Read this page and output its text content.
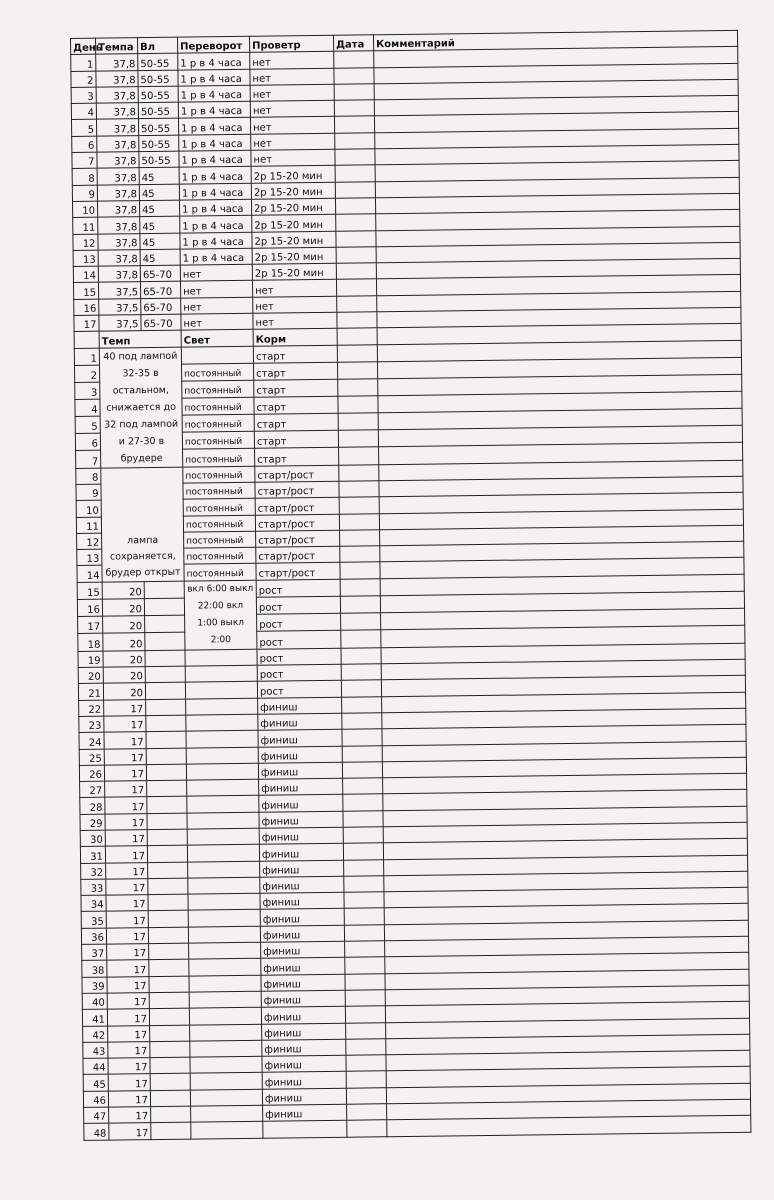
День	Темпа	Вл	Переворот	Проветр	Дата	Комментарий
1	37,8	50-55	1 р в 4 часа	нет		
2	37,8	50-55	1 р в 4 часа	нет		
3	37,8	50-55	1 р в 4 часа	нет		
4	37,8	50-55	1 р в 4 часа	нет		
5	37,8	50-55	1 р в 4 часа	нет		
6	37,8	50-55	1 р в 4 часа	нет		
7	37,8	50-55	1 р в 4 часа	нет		
8	37,8	45	1 р в 4 часа	2р 15-20 мин		
9	37,8	45	1 р в 4 часа	2р 15-20 мин		
10	37,8	45	1 р в 4 часа	2р 15-20 мин		
11	37,8	45	1 р в 4 часа	2р 15-20 мин		
12	37,8	45	1 р в 4 часа	2р 15-20 мин		
13	37,8	45	1 р в 4 часа	2р 15-20 мин		
14	37,8	65-70	нет	2р 15-20 мин		
15	37,5	65-70	нет	нет		
16	37,5	65-70	нет	нет		
17	37,5	65-70	нет	нет		
	Темп		Свет	Корм		
1	40 под лампой 32-35 в остальном, снижается до 32 под лампой и 27-30 в брудере			старт		
2			постоянный	старт		
3			постоянный	старт		
4			постоянный	старт		
5			постоянный	старт		
6			постоянный	старт		
7			постоянный	старт		
8	лампа сохраняется, брудер открыт		постоянный	старт/рост		
9			постоянный	старт/рост		
10			постоянный	старт/рост		
11			постоянный	старт/рост		
12			постоянный	старт/рост		
13			постоянный	старт/рост		
14			постоянный	старт/рост		
15	20		вкл 6:00 выкл 22:00 вкл 1:00 выкл 2:00	рост		
16	20			рост		
17	20			рост		
18	20			рост		
19	20			рост		
20	20			рост		
21	20			рост		
22	17			финиш		
23	17			финиш		
24	17			финиш		
25	17			финиш		
26	17			финиш		
27	17			финиш		
28	17			финиш		
29	17			финиш		
30	17			финиш		
31	17			финиш		
32	17			финиш		
33	17			финиш		
34	17			финиш		
35	17			финиш		
36	17			финиш		
37	17			финиш		
38	17			финиш		
39	17			финиш		
40	17			финиш		
41	17			финиш		
42	17			финиш		
43	17			финиш		
44	17			финиш		
45	17			финиш		
46	17			финиш		
47	17			финиш		
48	17					
